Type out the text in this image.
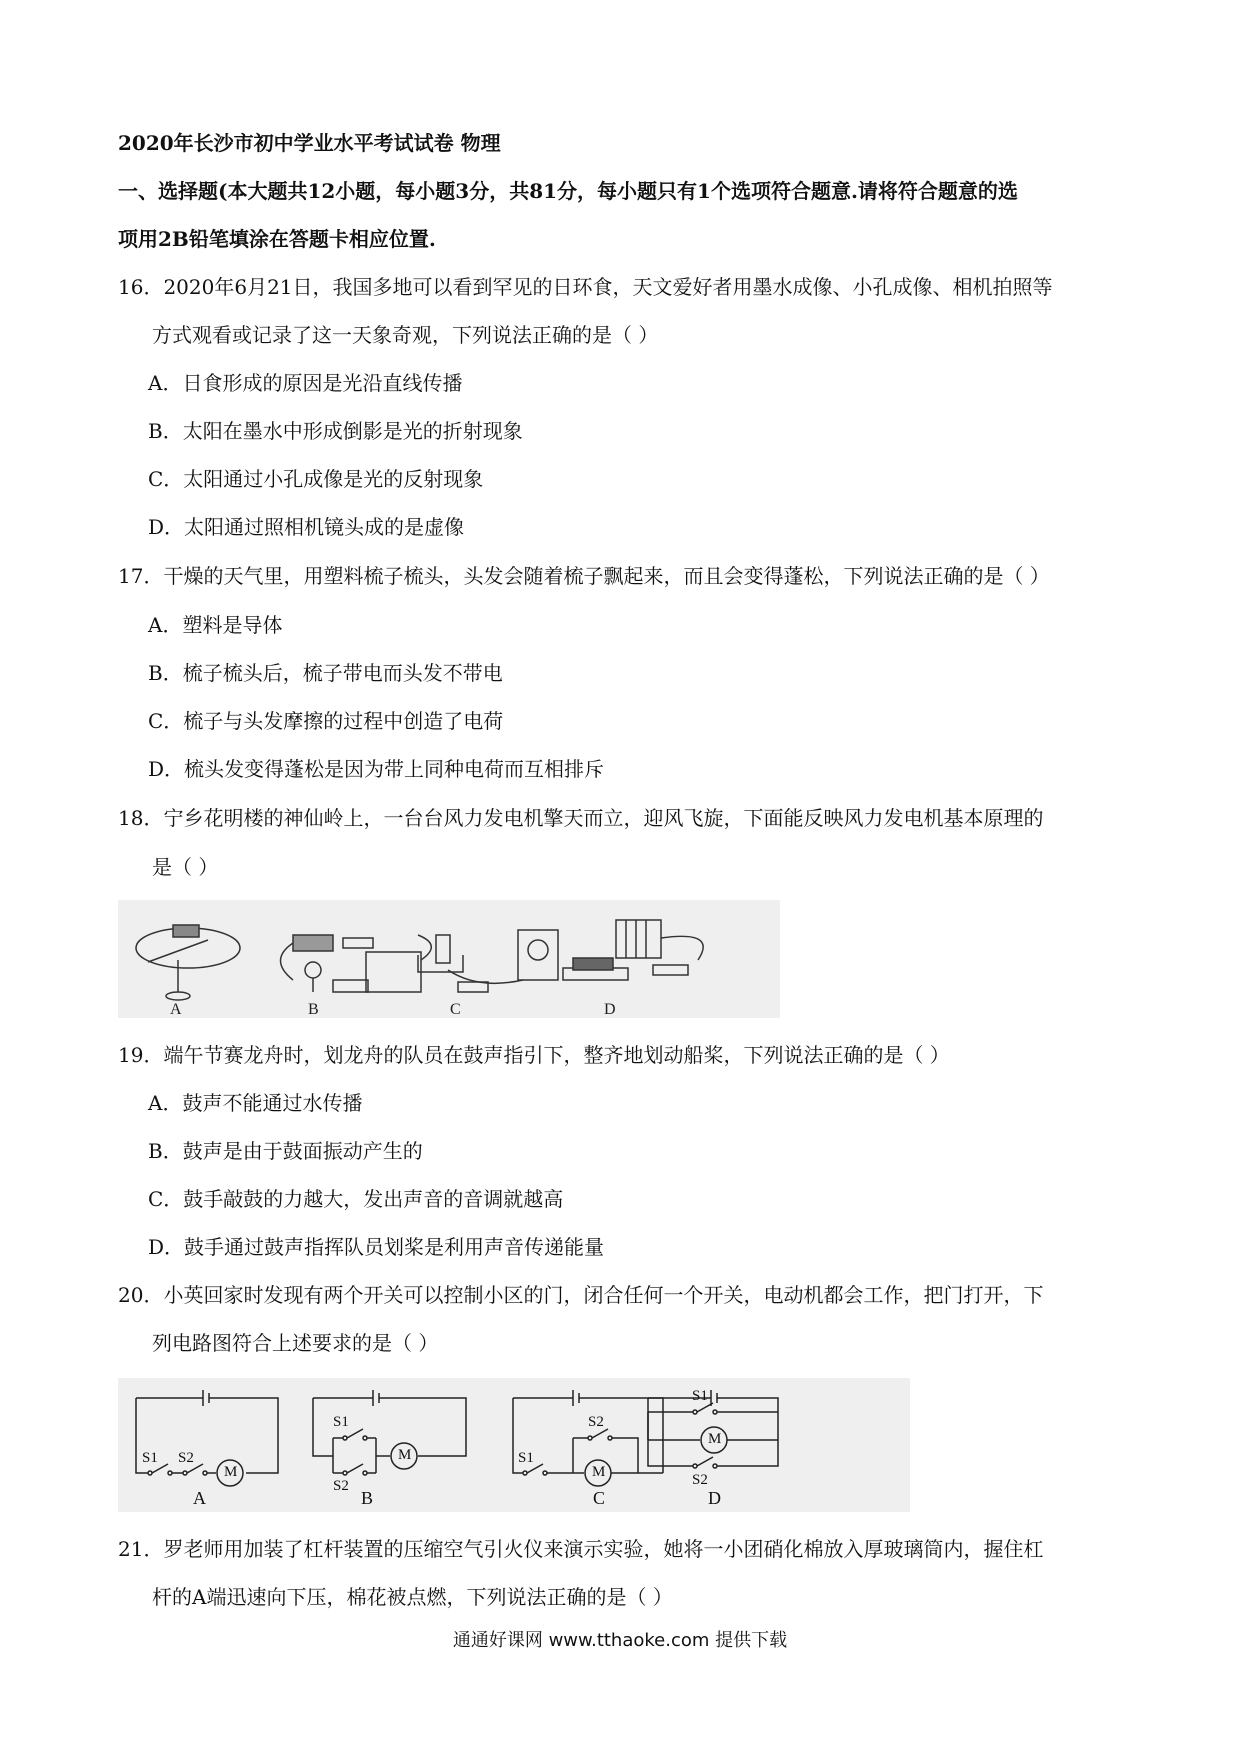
2020年长沙市初中学业水平考试试卷 物理
一、选择题(本大题共12小题，每小题3分，共81分，每小题只有1个选项符合题意.请将符合题意的选
项用2B铅笔填涂在答题卡相应位置.
16．2020年6月21日，我国多地可以看到罕见的日环食，天文爱好者用墨水成像、小孔成像、相机拍照等
方式观看或记录了这一天象奇观，下列说法正确的是（ ）
A．日食形成的原因是光沿直线传播
B．太阳在墨水中形成倒影是光的折射现象
C．太阳通过小孔成像是光的反射现象
D．太阳通过照相机镜头成的是虚像
17．干燥的天气里，用塑料梳子梳头，头发会随着梳子飘起来，而且会变得蓬松，下列说法正确的是（ ）
A．塑料是导体
B．梳子梳头后，梳子带电而头发不带电
C．梳子与头发摩擦的过程中创造了电荷
D．梳头发变得蓬松是因为带上同种电荷而互相排斥
18．宁乡花明楼的神仙岭上，一台台风力发电机擎天而立，迎风飞旋，下面能反映风力发电机基本原理的
是（ ）
A	B	C	D
19．端午节赛龙舟时，划龙舟的队员在鼓声指引下，整齐地划动船桨，下列说法正确的是（ ）
A．鼓声不能通过水传播
B．鼓声是由于鼓面振动产生的
C．鼓手敲鼓的力越大，发出声音的音调就越高
D．鼓手通过鼓声指挥队员划桨是利用声音传递能量
20．小英回家时发现有两个开关可以控制小区的门，闭合任何一个开关，电动机都会工作，把门打开，下
列电路图符合上述要求的是（ ）
S1 S2
M
A
S1
S2
M
B
S1
S2
M
C
S1
S2
M
D
21．罗老师用加装了杠杆装置的压缩空气引火仪来演示实验，她将一小团硝化棉放入厚玻璃筒内，握住杠
杆的A端迅速向下压，棉花被点燃，下列说法正确的是（ ）
通通好课网 www.tthaoke.com 提供下载
